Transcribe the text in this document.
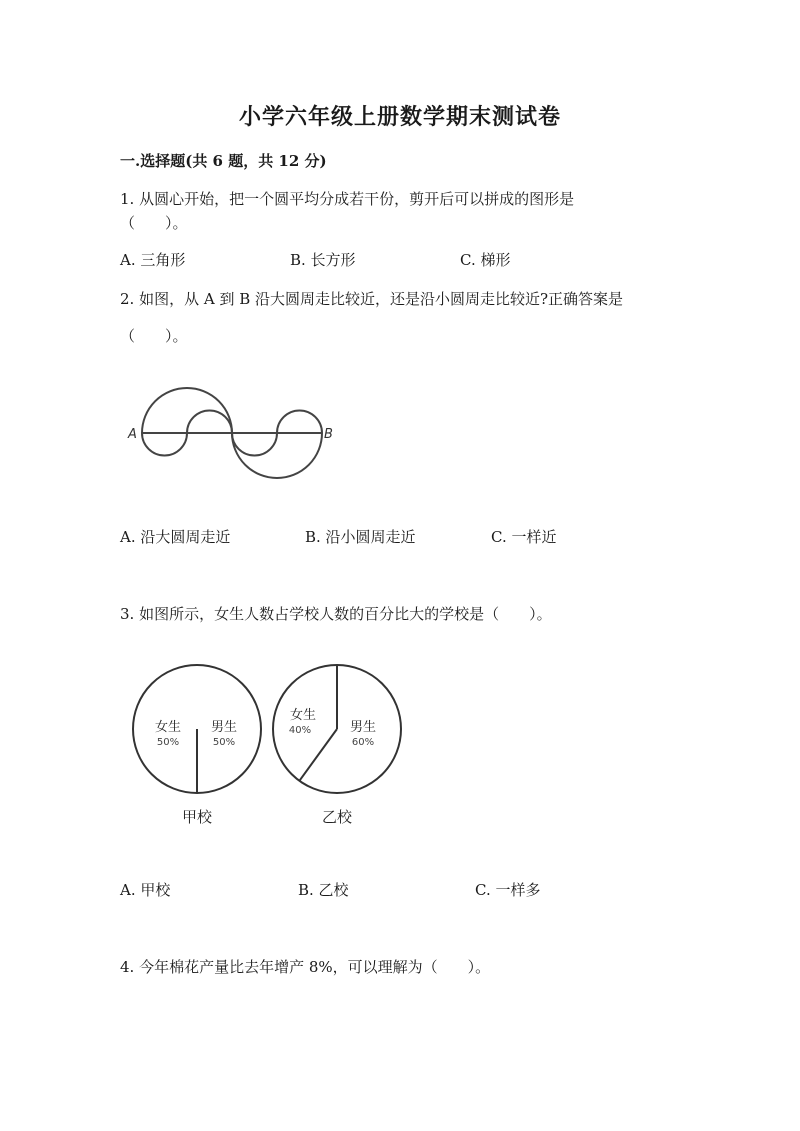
小学六年级上册数学期末测试卷
一.选择题(共 6 题，共 12 分)
1. 从圆心开始，把一个圆平均分成若干份，剪开后可以拼成的图形是
（　　）。
A. 三角形	B. 长方形	C. 梯形
2. 如图，从 A 到 B 沿大圆周走比较近，还是沿小圆周走比较近?正确答案是
（　　）。
A	B
A. 沿大圆周走近	B. 沿小圆周走近	C. 一样近
3. 如图所示，女生人数占学校人数的百分比大的学校是（　　）。
女生
50%
男生
50%
甲校
女生
40%	男生
60%
乙校
A. 甲校	B. 乙校	C. 一样多
4. 今年棉花产量比去年增产 8%，可以理解为（　　）。
